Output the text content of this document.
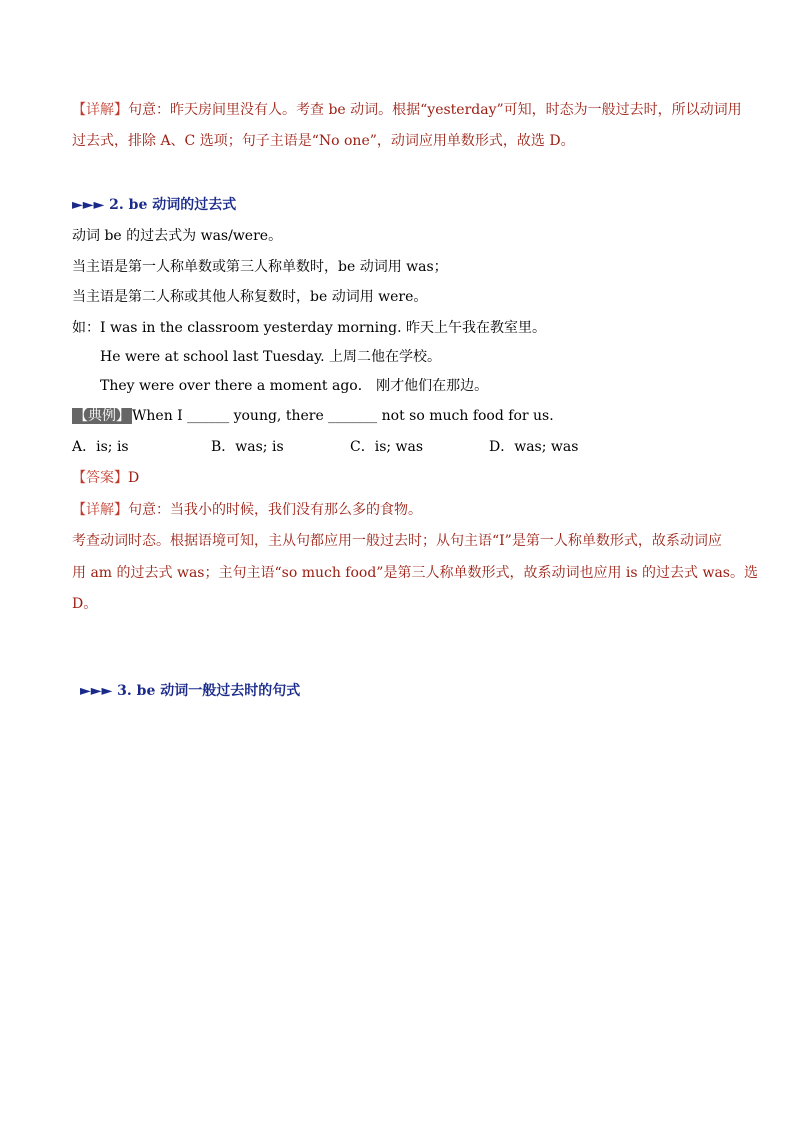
【详解】句意：昨天房间里没有人。考查 be 动词。根据“yesterday”可知，时态为一般过去时，所以动词用
过去式，排除 A、C 选项；句子主语是“No one”，动词应用单数形式，故选 D。
►►► 2. be 动词的过去式
动词 be 的过去式为 was/were。
当主语是第一人称单数或第三人称单数时，be 动词用 was；
当主语是第二人称或其他人称复数时，be 动词用 were。
如：I was in the classroom yesterday morning. 昨天上午我在教室里。
He were at school last Tuesday. 上周二他在学校。
They were over there a moment ago． 刚才他们在那边。
【典例】 When I ______ young, there _______ not so much food for us.
A．is; is	B．was; is	C．is; was	D．was; was
【答案】D
【详解】句意：当我小的时候，我们没有那么多的食物。
考查动词时态。根据语境可知，主从句都应用一般过去时；从句主语“I”是第一人称单数形式，故系动词应
用 am 的过去式 was；主句主语“so much food”是第三人称单数形式，故系动词也应用 is 的过去式 was。选
D。
►►► 3. be 动词一般过去时的句式
